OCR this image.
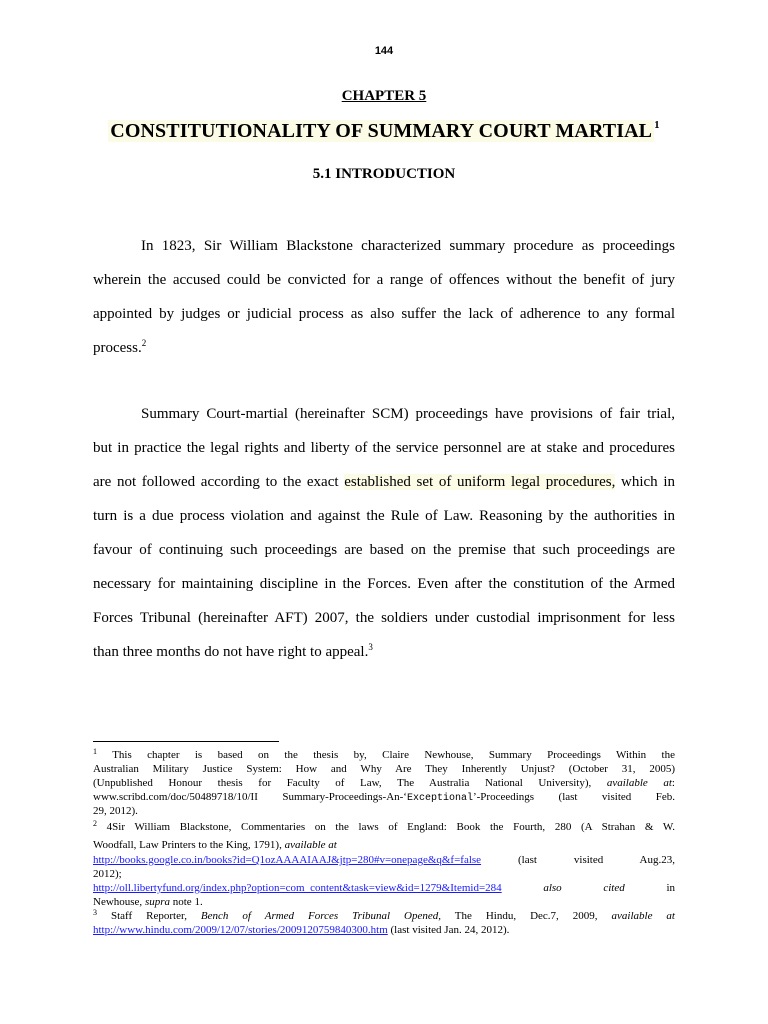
144
CHAPTER 5
CONSTITUTIONALITY OF SUMMARY COURT MARTIAL $^1$
5.1 INTRODUCTION
In 1823, Sir William Blackstone characterized summary procedure as proceedings
wherein the accused could be convicted for a range of offences without the benefit of jury
appointed by judges or judicial process as also suffer the lack of adherence to any formal
process.$^2$
Summary Court-martial (hereinafter SCM) proceedings have provisions of fair trial,
but in practice the legal rights and liberty of the service personnel are at stake and procedures
are not followed according to the exact established set of uniform legal procedures, which in
turn is a due process violation and against the Rule of Law. Reasoning by the authorities in
favour of continuing such proceedings are based on the premise that such proceedings are
necessary for maintaining discipline in the Forces. Even after the constitution of the Armed
Forces Tribunal (hereinafter AFT) 2007, the soldiers under custodial imprisonment for less
than three months do not have right to appeal.$^3$
$^1$ This chapter is based on the thesis by, Claire Newhouse, Summary Proceedings Within the
Australian Military Justice System: How and Why Are They Inherently Unjust? (October 31, 2005)
(Unpublished Honour thesis for Faculty of Law, The Australia National University), available at:
www.scribd.com/doc/50489718/10/II Summary-Proceedings-An-‘Exceptional’-Proceedings (last visited Feb.
29, 2012).
$^2$ 4Sir William Blackstone, Commentaries on the laws of England: Book the Fourth, 280 (A Strahan & W.
Woodfall, Law Printers to the King, 1791), available at
http://books.google.co.in/books?id=Q1ozAAAAIAAJ&jtp=280#v=onepage&q&f=false (last visited Aug.23,
2012);
http://oll.libertyfund.org/index.php?option=com_content&task=view&id=1279&Itemid=284 also cited in
Newhouse, supra note 1.
$^3$ Staff Reporter, Bench of Armed Forces Tribunal Opened, The Hindu, Dec.7, 2009, available at
http://www.hindu.com/2009/12/07/stories/2009120759840300.htm (last visited Jan. 24, 2012).
